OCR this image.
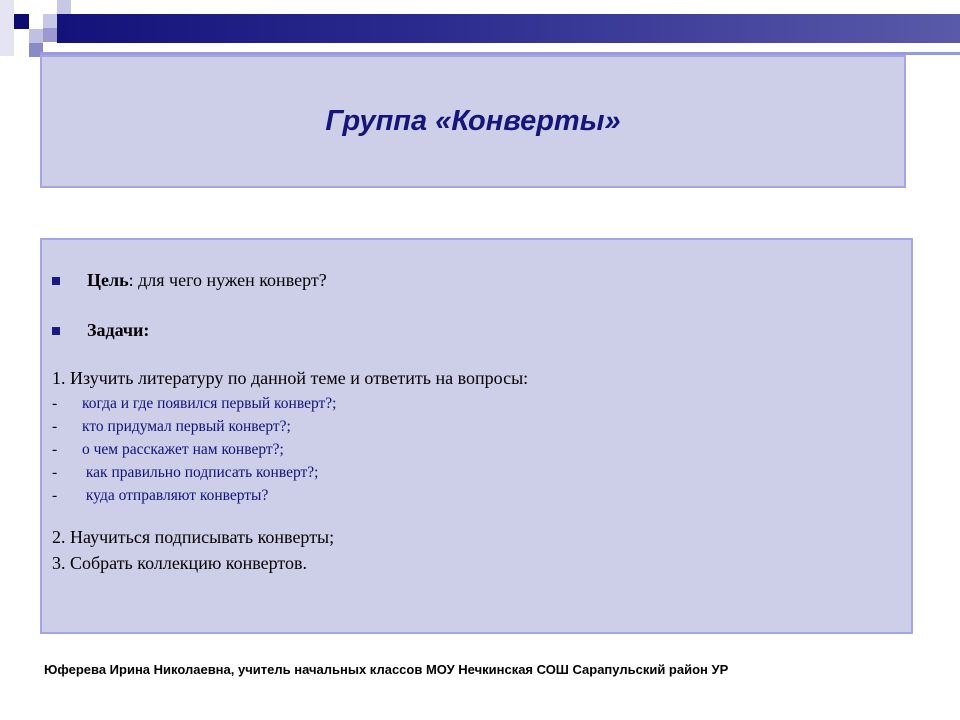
Группа «Конверты»
Цель : для чего нужен конверт?
Задачи:
1. Изучить литературу по данной теме и ответить на вопросы:
- когда и где появился первый конверт?;
- кто придумал первый конверт?;
- о чем расскажет нам конверт?;
- как правильно подписать конверт?;
- куда отправляют конверты?
2. Научиться подписывать конверты;
3. Собрать коллекцию конвертов.
Юферева Ирина Николаевна, учитель начальных классов МОУ Нечкинская СОШ Сарапульский район УР
